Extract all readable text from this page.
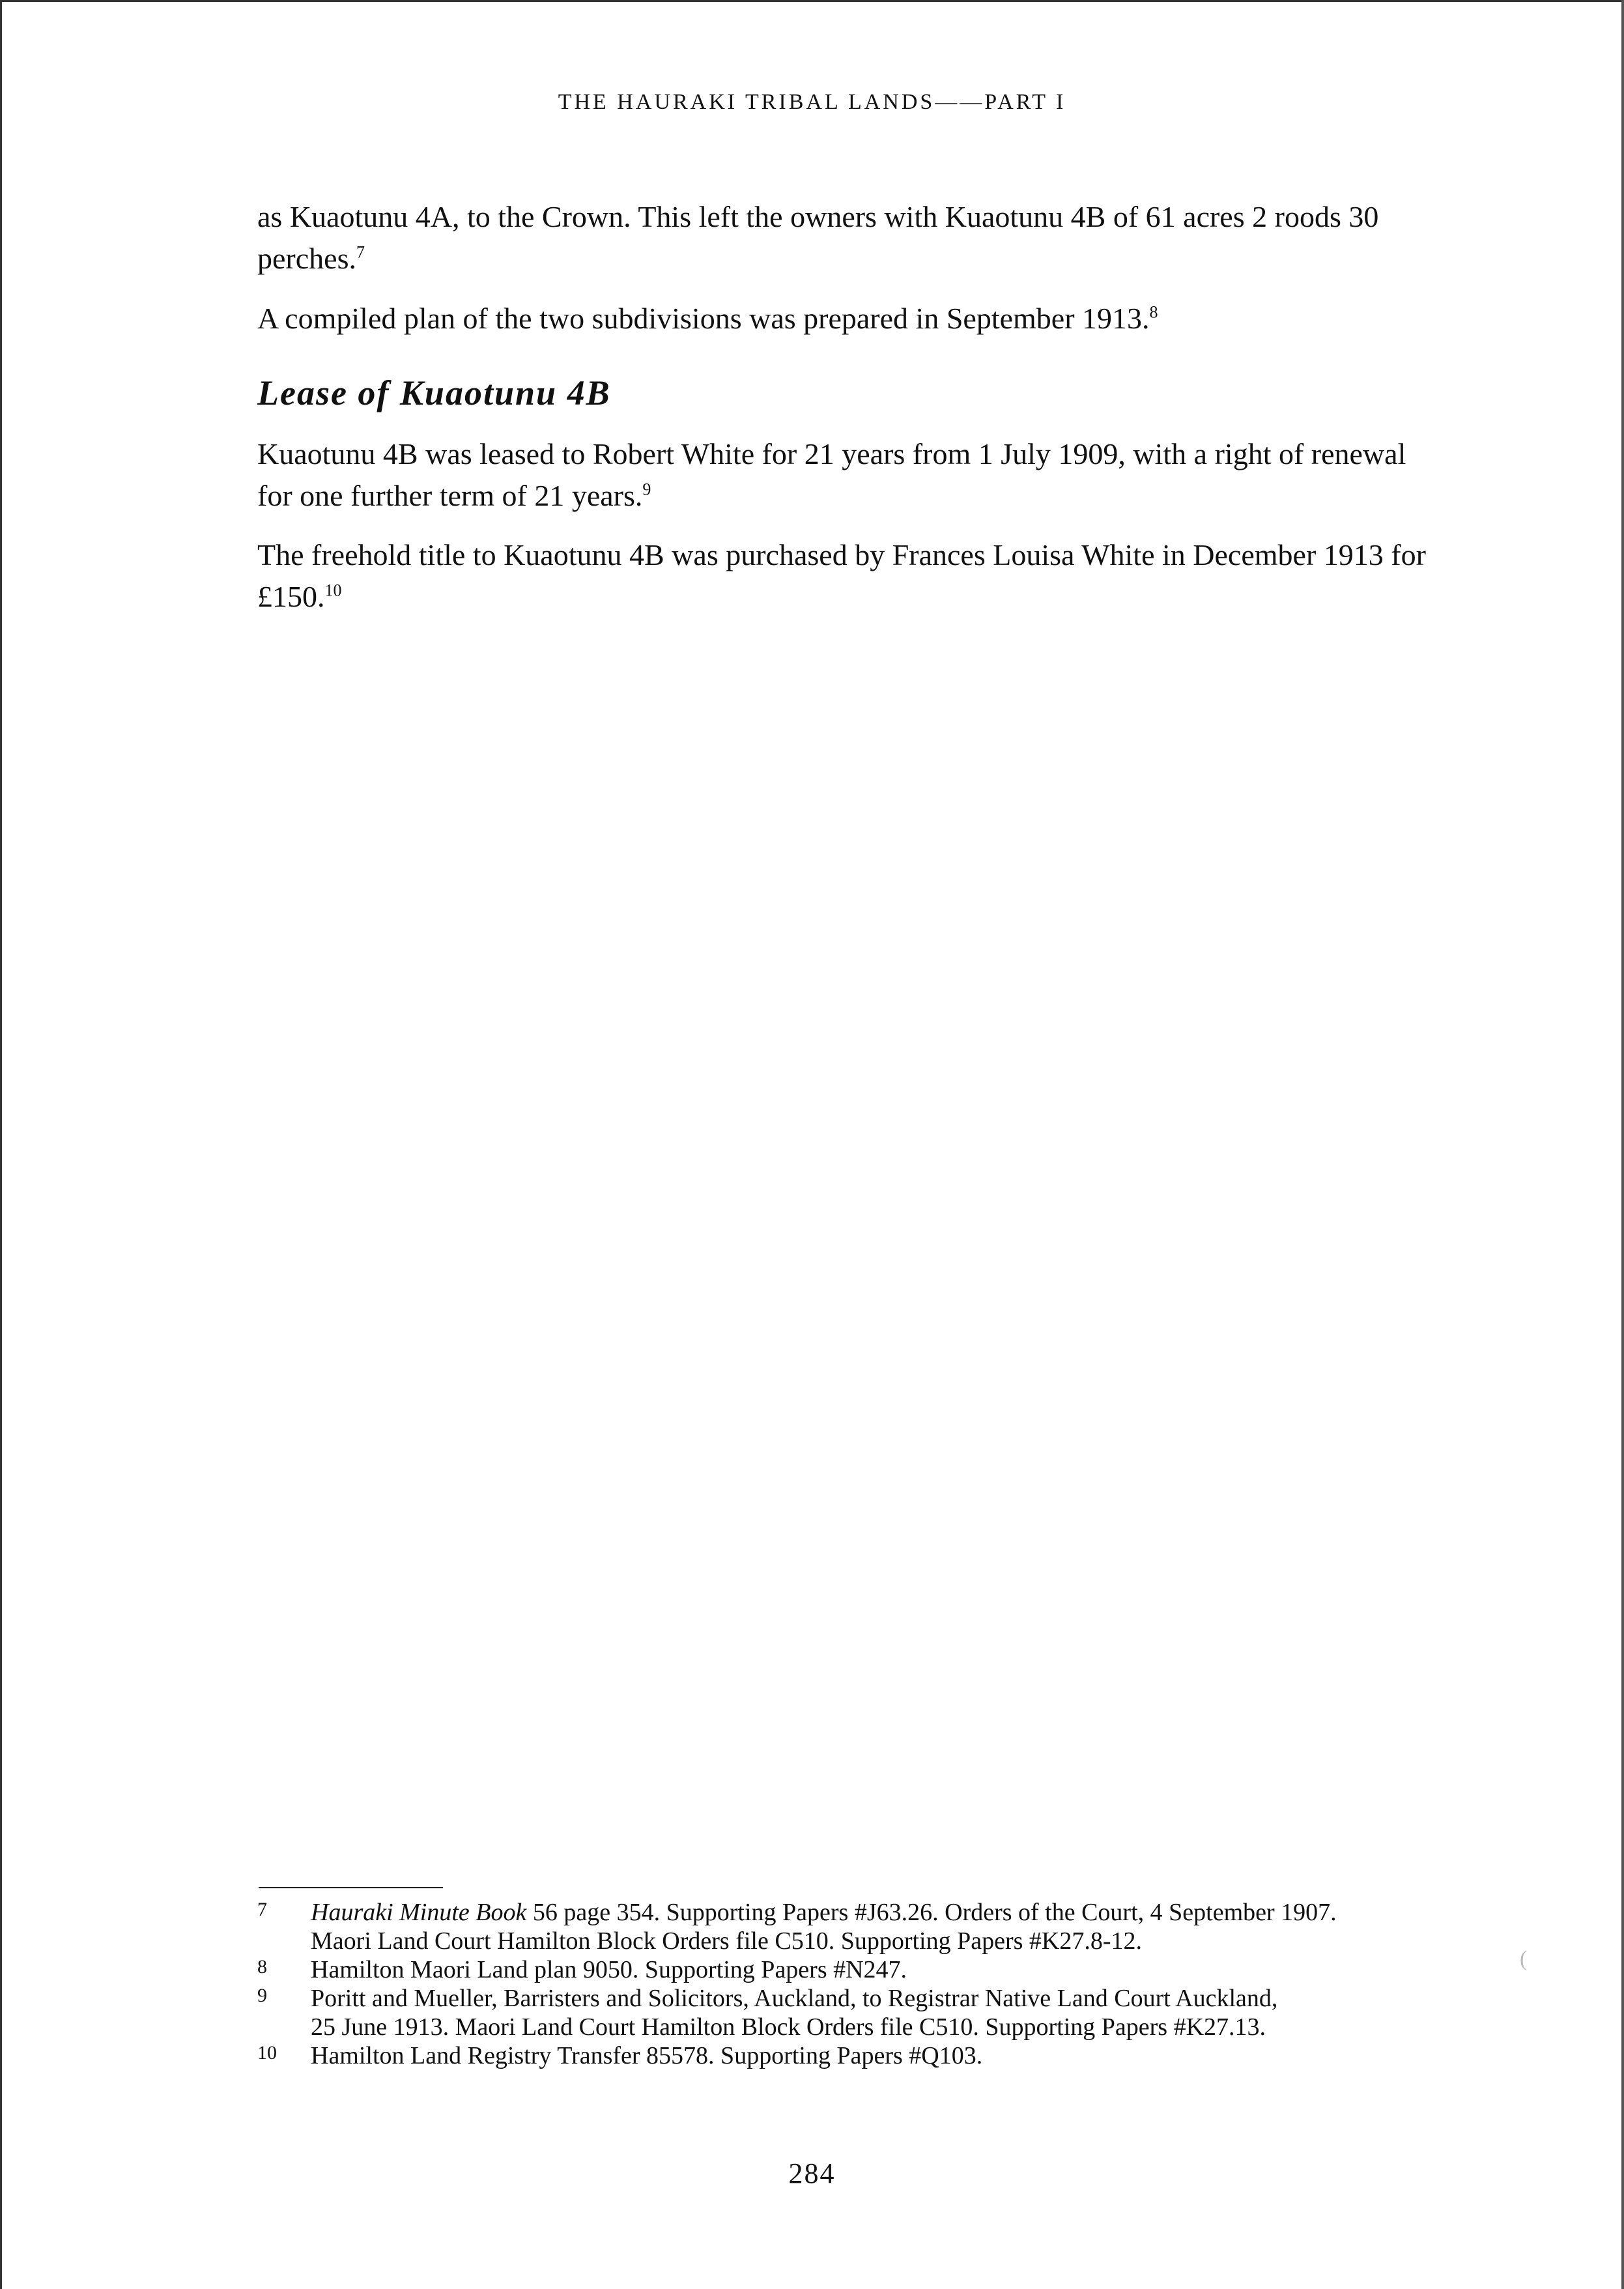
THE HAURAKI TRIBAL LANDS——PART I

as Kuaotunu 4A, to the Crown. This left the owners with Kuaotunu 4B of 61 acres 2 roods 30 perches.$^7$

A compiled plan of the two subdivisions was prepared in September 1913.$^8$

Lease of Kuaotunu 4B

Kuaotunu 4B was leased to Robert White for 21 years from 1 July 1909, with a right of renewal for one further term of 21 years.$^9$

The freehold title to Kuaotunu 4B was purchased by Frances Louisa White in December 1913 for £150.10

7 Hauraki Minute Book 56 page 354. Supporting Papers #J63.26. Orders of the Court, 4 September 1907.
Maori Land Court Hamilton Block Orders file C510. Supporting Papers #K27.8-12.
8 Hamilton Maori Land plan 9050. Supporting Papers #N247.
9 Poritt and Mueller, Barristers and Solicitors, Auckland, to Registrar Native Land Court Auckland,
25 June 1913. Maori Land Court Hamilton Block Orders file C510. Supporting Papers #K27.13.
10 Hamilton Land Registry Transfer 85578. Supporting Papers #Q103.
(
284
